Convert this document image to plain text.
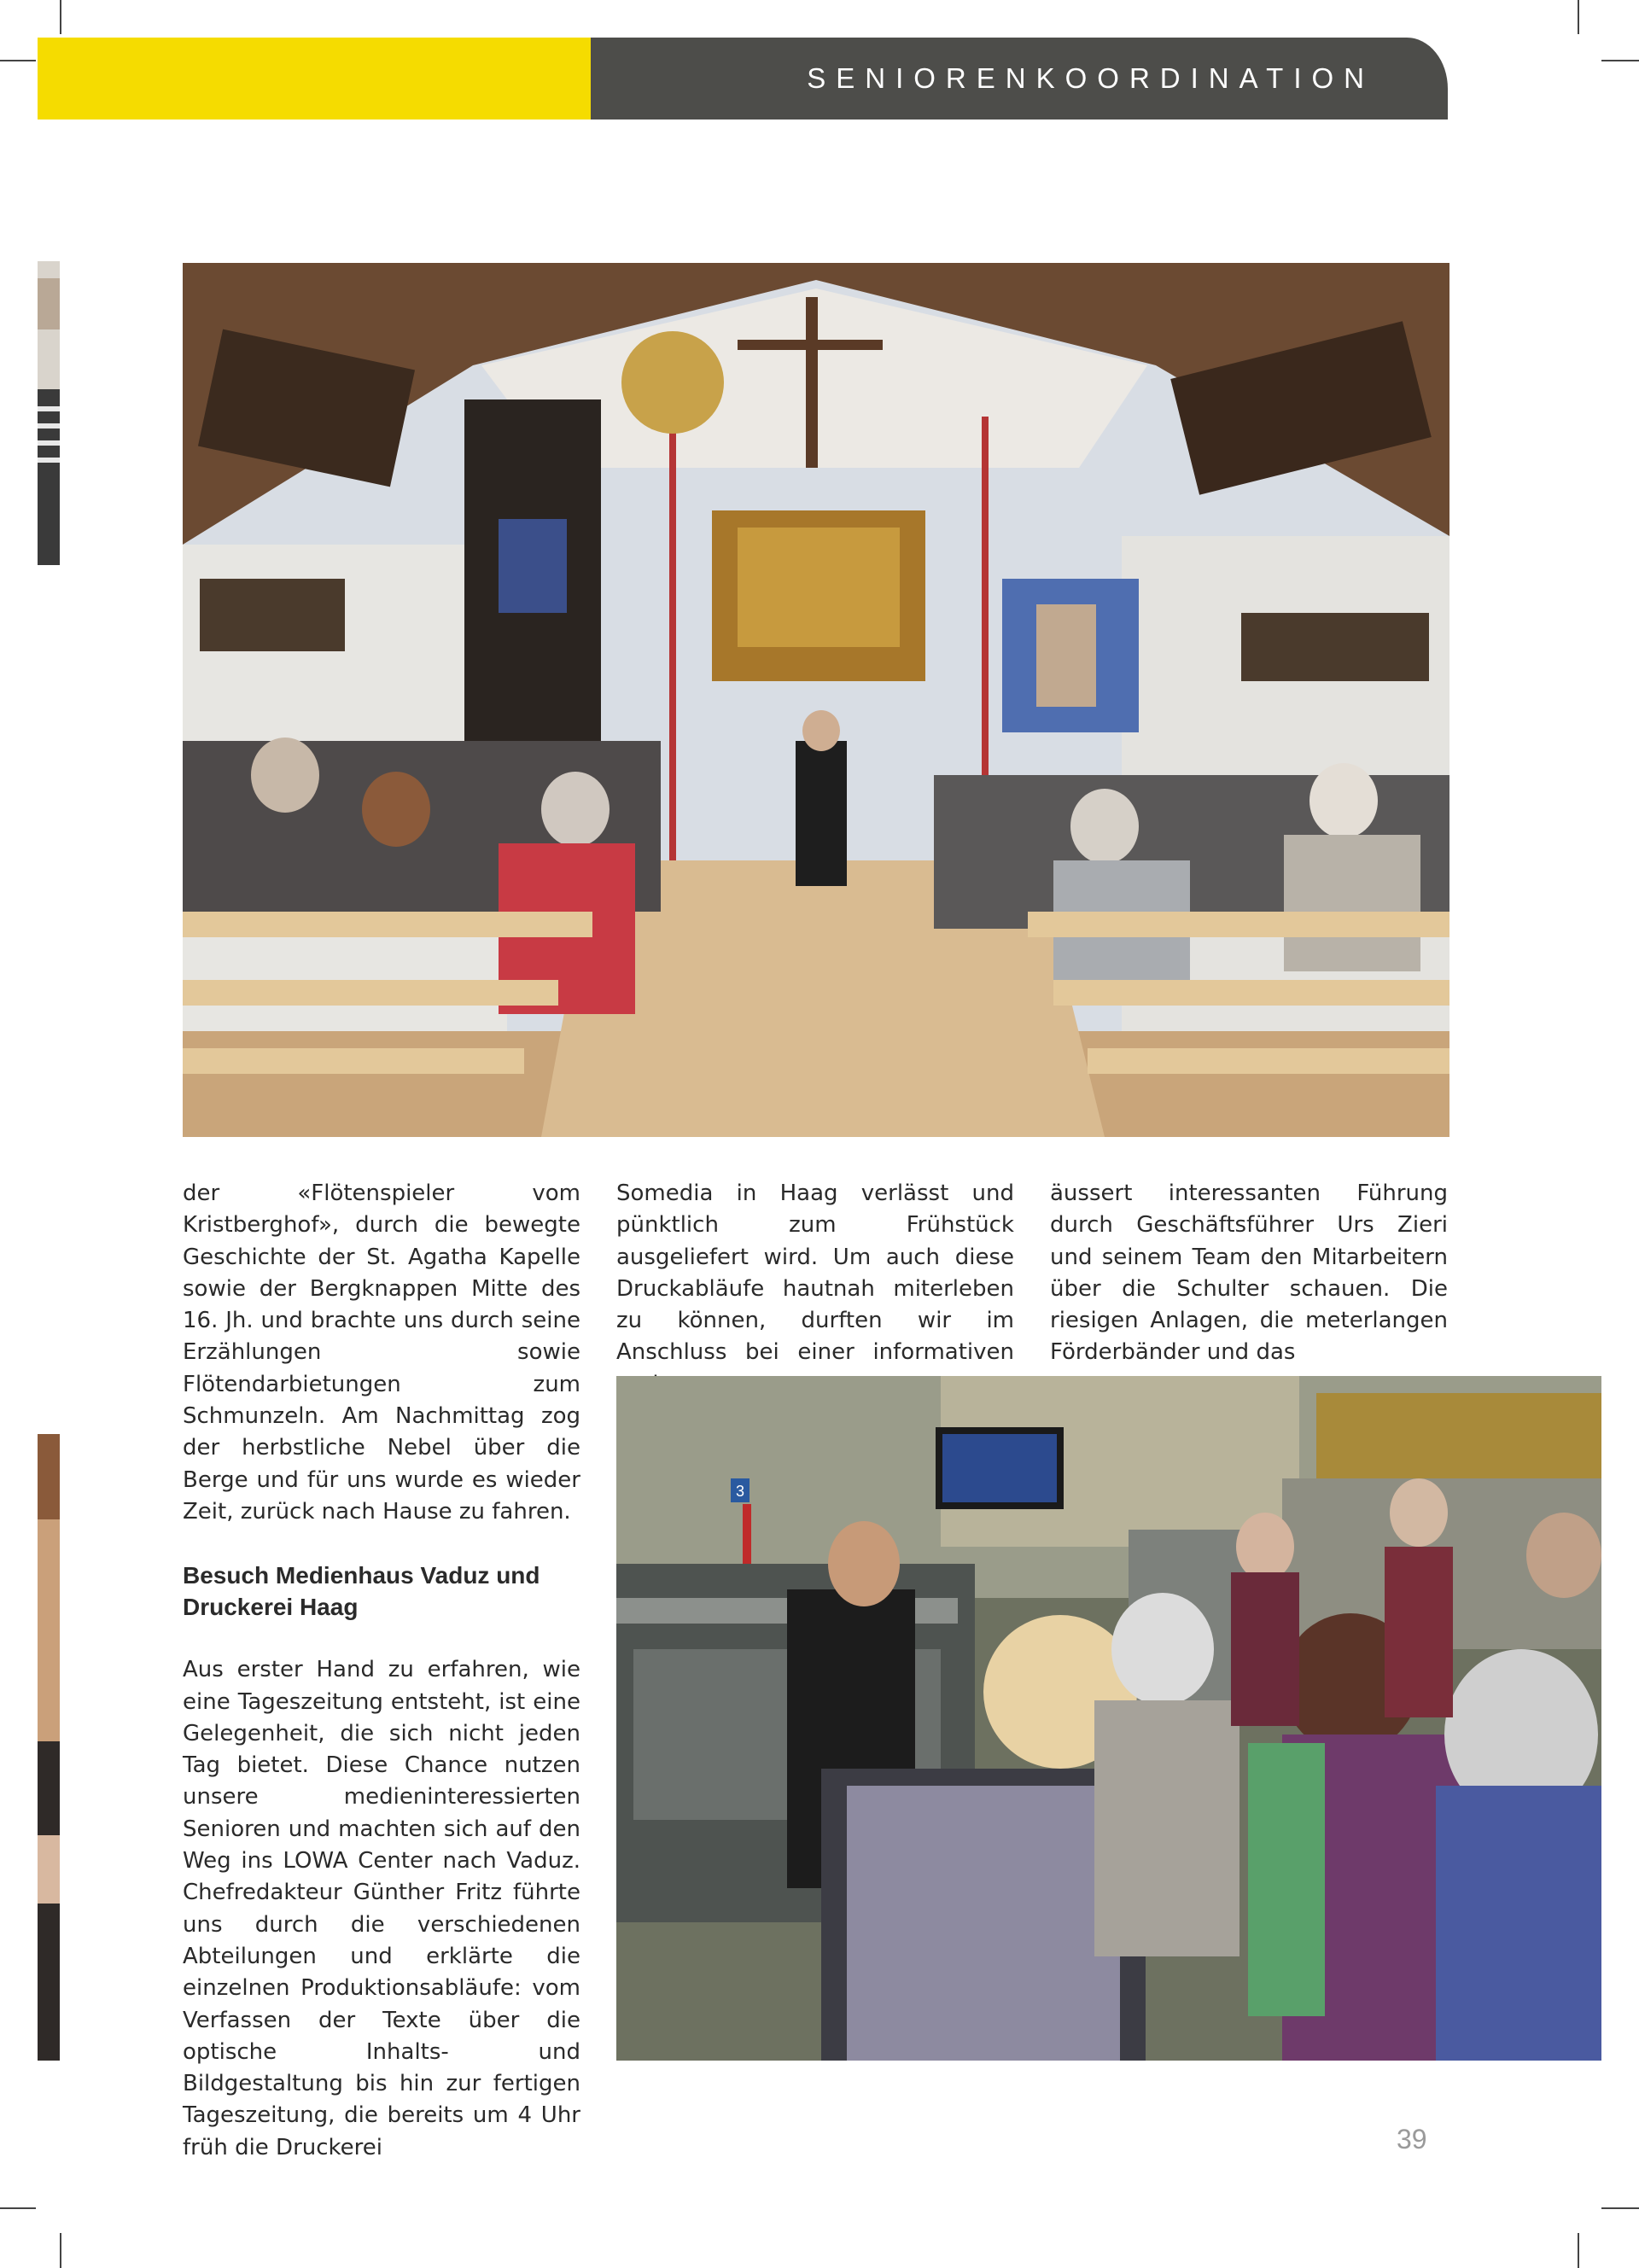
SENIORENKOORDINATION

der «Flötenspieler vom Kristberghof», durch die bewegte Geschichte der St. Agatha Kapelle sowie der Bergknappen Mitte des 16. Jh. und brachte uns durch seine Erzählungen sowie Flötendarbietungen zum Schmunzeln. Am Nachmittag zog der herbstliche Nebel über die Berge und für uns wurde es wieder Zeit, zurück nach Hause zu fahren.

Besuch Medienhaus Vaduz und
Druckerei Haag

Aus erster Hand zu erfahren, wie eine Tageszeitung entsteht, ist eine Gelegenheit, die sich nicht jeden Tag bietet. Diese Chance nutzen unsere medieninteressierten Senioren und machten sich auf den Weg ins LOWA Center nach Vaduz. Chefredakteur Günther Fritz führte uns durch die verschiedenen Abteilungen und erklärte die einzelnen Produktionsabläufe: vom Verfassen der Texte über die optische Inhalts- und Bildgestaltung bis hin zur fertigen Tageszeitung, die bereits um 4 Uhr früh die Druckerei

Somedia in Haag verlässt und pünktlich zum Frühstück ausgeliefert wird. Um auch diese Druckabläufe hautnah miterleben zu können, durften wir im Anschluss bei einer informativen

äussert interessanten Führung durch Geschäftsführer Urs Zieri und seinem Team den Mitarbeitern über die Schulter schauen. Die riesigen Anlagen, die meterlangen Förderbänder und das

3
39
